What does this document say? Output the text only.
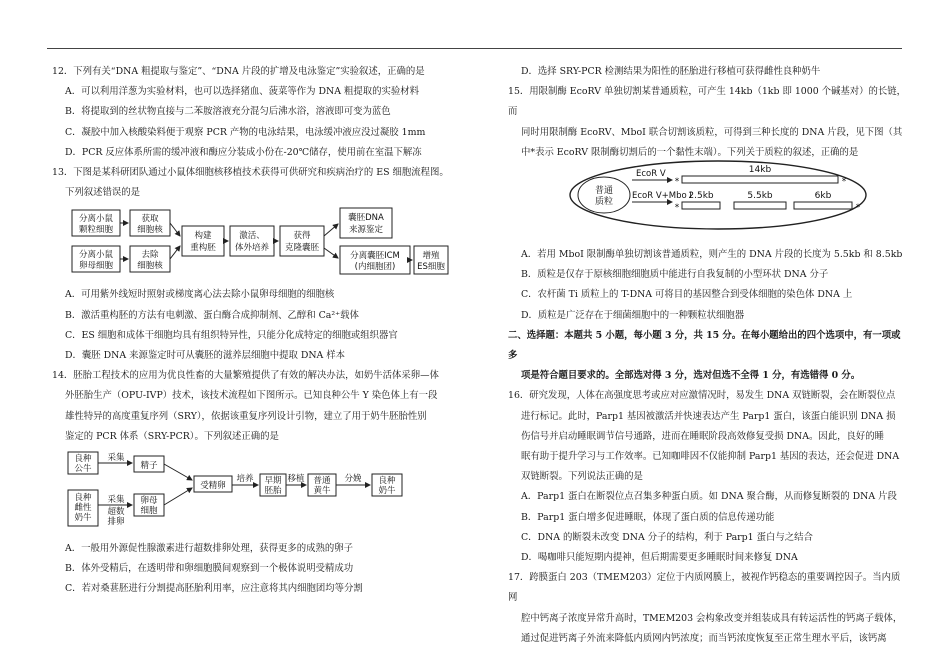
12．下列有关“DNA 粗提取与鉴定”、“DNA 片段的扩增及电泳鉴定”实验叙述，正确的是

A．可以利用洋葱为实验材料，也可以选择猪血、菠菜等作为 DNA 粗提取的实验材料

B．将提取到的丝状物直接与二苯胺溶液充分混匀后沸水浴，溶液即可变为蓝色

C．凝胶中加入核酸染料便于观察 PCR 产物的电泳结果，电泳缓冲液应没过凝胶 1mm

D．PCR 反应体系所需的缓冲液和酶应分装成小份在-20℃储存，使用前在室温下解冻

13．下图是某科研团队通过小鼠体细胞核移植技术获得可供研究和疾病治疗的 ES 细胞流程图。

下列叙述错误的是

A．可用紫外线短时照射或梯度离心法去除小鼠卵母细胞的细胞核

B．激活重构胚的方法有电刺激、蛋白酶合成抑制剂、乙醇和 Ca²⁺载体

C．ES 细胞和成体干细胞均具有组织特异性，只能分化成特定的细胞或组织器官

D．囊胚 DNA 来源鉴定时可从囊胚的滋养层细胞中提取 DNA 样本

14．胚胎工程技术的应用为优良性畜的大量繁殖提供了有效的解决办法，如奶牛活体采卵—体

外胚胎生产（OPU-IVP）技术，该技术流程如下图所示。已知良种公牛 Y 染色体上有一段

雄性特异的高度重复序列（SRY），依据该重复序列设计引物，建立了用于奶牛胚胎性别

鉴定的 PCR 体系（SRY-PCR）。下列叙述正确的是

A．一般用外源促性腺激素进行超数排卵处理，获得更多的成熟的卵子

B．体外受精后，在透明带和卵细胞膜间观察到一个极体说明受精成功

C．若对桑葚胚进行分割提高胚胎利用率，应注意将其内细胞团均等分割

分离小鼠
颗粒细胞
分离小鼠
卵母细胞
获取
细胞核
去除
细胞核
构建
重构胚
激活、
体外培养
获得
克隆囊胚
囊胚DNA
来源鉴定
分离囊胚ICM
(内细胞团)
增殖
ES细胞
良种
公牛	精子
良种
雌性
奶牛
卵母
细胞
受精卵	早期
胚胎
普通
黄牛
良种
奶牛
采集
采集
超数
排卵
培养	移植	分娩

D．选择 SRY-PCR 检测结果为阳性的胚胎进行移植可获得雌性良种奶牛

15．用限制酶 EcoRV 单独切割某普通质粒，可产生 14kb（1kb 即 1000 个碱基对）的长链，而

同时用限制酶 EcoRV、MboI 联合切割该质粒，可得到三种长度的 DNA 片段，见下图（其

中*表示 EcoRV 限制酶切割后的一个黏性末端）。下列关于质粒的叙述，正确的是

A．若用 MboI 限制酶单独切割该普通质粒，则产生的 DNA 片段的长度为 5.5kb 和 8.5kb

B．质粒是仅存于原核细胞细胞质中能进行自我复制的小型环状 DNA 分子

C．农杆菌 Ti 质粒上的 T-DNA 可将目的基因整合到受体细胞的染色体 DNA 上

D．质粒是广泛存在于细菌细胞中的一种颗粒状细胞器

二、选择题：本题共 5 小题，每小题 3 分，共 15 分。在每小题给出的四个选项中，有一项或多

项是符合题目要求的。全部选对得 3 分，选对但选不全得 1 分，有选错得 0 分。

16．研究发现，人体在高强度思考或应对应激情况时，易发生 DNA 双链断裂，会在断裂位点

进行标记。此时，Parp1 基因被激活并快速表达产生 Parp1 蛋白，该蛋白能识别 DNA 损

伤信号并启动睡眠调节信号通路，进而在睡眠阶段高效修复受损 DNA。因此，良好的睡

眠有助于提升学习与工作效率。已知咖啡因不仅能抑制 Parp1 基因的表达，还会促进 DNA

双链断裂。下列说法正确的是

A．Parp1 蛋白在断裂位点召集多种蛋白质。如 DNA 聚合酶，从而修复断裂的 DNA 片段

B．Parp1 蛋白增多促进睡眠，体现了蛋白质的信息传递功能

C．DNA 的断裂未改变 DNA 分子的结构，利于 Parp1 蛋白与之结合

D．喝咖啡只能短期内提神，但后期需要更多睡眠时间来修复 DNA

17．跨膜蛋白 203（TMEM203）定位于内质网膜上，被视作钙稳态的重要调控因子。当内质网

腔中钙离子浓度异常升高时，TMEM203 会构象改变并组装成具有转运活性的钙离子载体，

通过促进钙离子外流来降低内质网内钙浓度；而当钙浓度恢复至正常生理水平后，该钙离

普通
质粒
EcoR V
EcoR V+Mbo I
14kb
2.5kb	5.5kb	6kb
*	*
*	*
